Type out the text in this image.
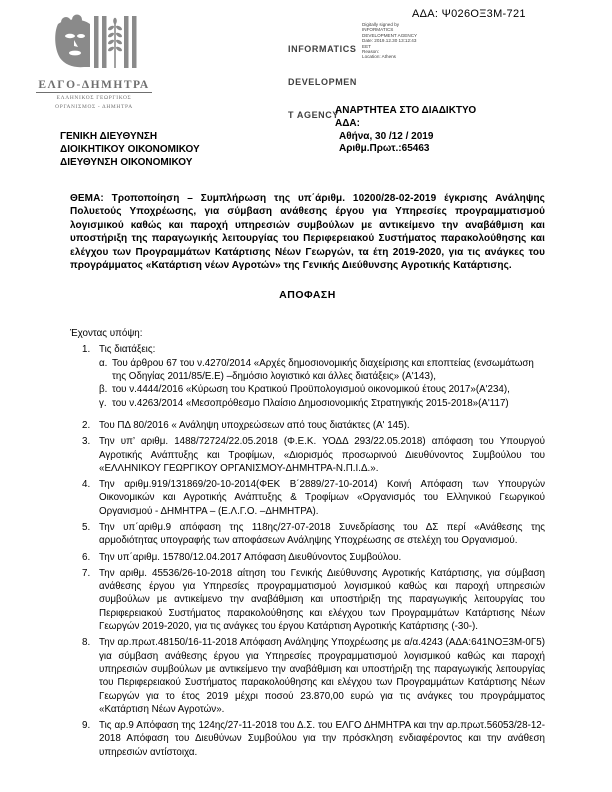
ΑΔΑ: Ψ026ΟΞ3Μ-721
ΕΛΓΟ-ΔΗΜΗΤΡΑ
ΕΛΛΗΝΙΚΟΣ ΓΕΩΡΓΙΚΟΣ
ΟΡΓΑΝΙΣΜΟΣ - ΔΗΜΗΤΡΑ

INFORMATICS

DEVELOPMEN

T AGENCY

Digitally signed by
INFORMATICS
DEVELOPMENT AGENCY
Date: 2019.12.30 13:12:43
EET
Reason:
Location: Athens
ΑΝΑΡΤΗΤΕΑ ΣΤΟ ΔΙΑΔΙΚΤΥΟ
ΑΔΑ:
Αθήνα, 30 /12 / 2019
Αριθμ.Πρωτ.:65463
ΓΕΝΙΚΗ ΔΙΕΥΘΥΝΣΗ
ΔΙΟΙΚΗΤΙΚΟΥ ΟΙΚΟΝΟΜΙΚΟΥ
ΔΙΕΥΘΥΝΣΗ ΟΙΚΟΝΟΜΙΚΟΥ
ΘΕΜΑ: Τροποποίηση – Συμπλήρωση της υπ΄άριθμ. 10200/28-02-2019 έγκρισης Ανάληψης Πολυετούς Υποχρέωσης, για σύμβαση ανάθεσης έργου για Υπηρεσίες προγραμματισμού λογισμικού καθώς και παροχή υπηρεσιών συμβούλων με αντικείμενο την αναβάθμιση και υποστήριξη της παραγωγικής λειτουργίας του Περιφερειακού Συστήματος παρακολούθησης και ελέγχου των Προγραμμάτων Κατάρτισης Νέων Γεωργών, τα έτη 2019-2020, για τις ανάγκες του προγράμματος «Κατάρτιση νέων Αγροτών» της Γενικής Διεύθυνσης Αγροτικής Κατάρτισης.
ΑΠΟΦΑΣΗ
Έχοντας υπόψη:
1. Τις διατάξεις:
α. Του άρθρου 67 του ν.4270/2014 «Αρχές δημοσιονομικής διαχείρισης και εποπτείας (ενσωμάτωση της Οδηγίας 2011/85/Ε.Ε) –δημόσιο λογιστικό και άλλες διατάξεις» (Α'143),
β. του ν.4444/2016 «Κύρωση του Κρατικού Προϋπολογισμού οικονομικού έτους 2017»(Α'234),
γ. του ν.4263/2014 «Μεσοπρόθεσμο Πλαίσιο Δημοσιονομικής Στρατηγικής 2015-2018»(Α'117)
2. Του ΠΔ 80/2016 « Ανάληψη υποχρεώσεων από τους διατάκτες (Α' 145).
3. Την υπ’ αριθμ. 1488/72724/22.05.2018 (Φ.Ε.Κ. ΥΟΔΔ 293/22.05.2018) απόφαση του Υπουργού Αγροτικής Ανάπτυξης και Τροφίμων, «Διορισμός προσωρινού Διευθύνοντος Συμβούλου του «ΕΛΛΗΝΙΚΟΥ ΓΕΩΡΓΙΚΟΥ ΟΡΓΑΝΙΣΜΟΥ-ΔΗΜΗΤΡΑ-Ν.Π.Ι.Δ.».
4. Την αριθμ.919/131869/20-10-2014(ΦΕΚ Β΄2889/27-10-2014) Κοινή Απόφαση των Υπουργών Οικονομικών και Αγροτικής Ανάπτυξης & Τροφίμων «Οργανισμός του Ελληνικού Γεωργικού Οργανισμού - ΔΗΜΗΤΡΑ – (Ε.Λ.Γ.Ο. –ΔΗΜΗΤΡΑ).
5. Την υπ΄αριθμ.9 απόφαση της 118ης/27-07-2018 Συνεδρίασης του ΔΣ περί «Ανάθεσης της αρμοδιότητας υπογραφής των αποφάσεων Ανάληψης Υποχρέωσης σε στελέχη του Οργανισμού.
6. Την υπ΄αριθμ. 15780/12.04.2017 Απόφαση Διευθύνοντος Συμβούλου.
7. Την αριθμ. 45536/26-10-2018 αίτηση του Γενικής Διεύθυνσης Αγροτικής Κατάρτισης, για σύμβαση ανάθεσης έργου για Υπηρεσίες προγραμματισμού λογισμικού καθώς και παροχή υπηρεσιών συμβούλων με αντικείμενο την αναβάθμιση και υποστήριξη της παραγωγικής λειτουργίας του Περιφερειακού Συστήματος παρακολούθησης και ελέγχου των Προγραμμάτων Κατάρτισης Νέων Γεωργών 2019-2020, για τις ανάγκες του έργου Κατάρτιση Αγροτικής Κατάρτισης (-30-).
8. Την αρ.πρωτ.48150/16-11-2018 Απόφαση Ανάληψης Υποχρέωσης με α/α.4243 (ΑΔΑ:641ΝΟΞ3Μ-0Γ5) για σύμβαση ανάθεσης έργου για Υπηρεσίες προγραμματισμού λογισμικού καθώς και παροχή υπηρεσιών συμβούλων με αντικείμενο την αναβάθμιση και υποστήριξη της παραγωγικής λειτουργίας του Περιφερειακού Συστήματος παρακολούθησης και ελέγχου των Προγραμμάτων Κατάρτισης Νέων Γεωργών για το έτος 2019 μέχρι ποσού 23.870,00 ευρώ για τις ανάγκες του προγράμματος «Κατάρτιση Νέων Αγροτών».
9. Τις αρ.9 Απόφαση της 124ης/27-11-2018 του Δ.Σ. του ΕΛΓΟ ΔΗΜΗΤΡΑ και την αρ.πρωτ.56053/28-12-2018 Απόφαση του Διευθύνων Συμβούλου για την πρόσκληση ενδιαφέροντος και την ανάθεση υπηρεσιών αντίστοιχα.
